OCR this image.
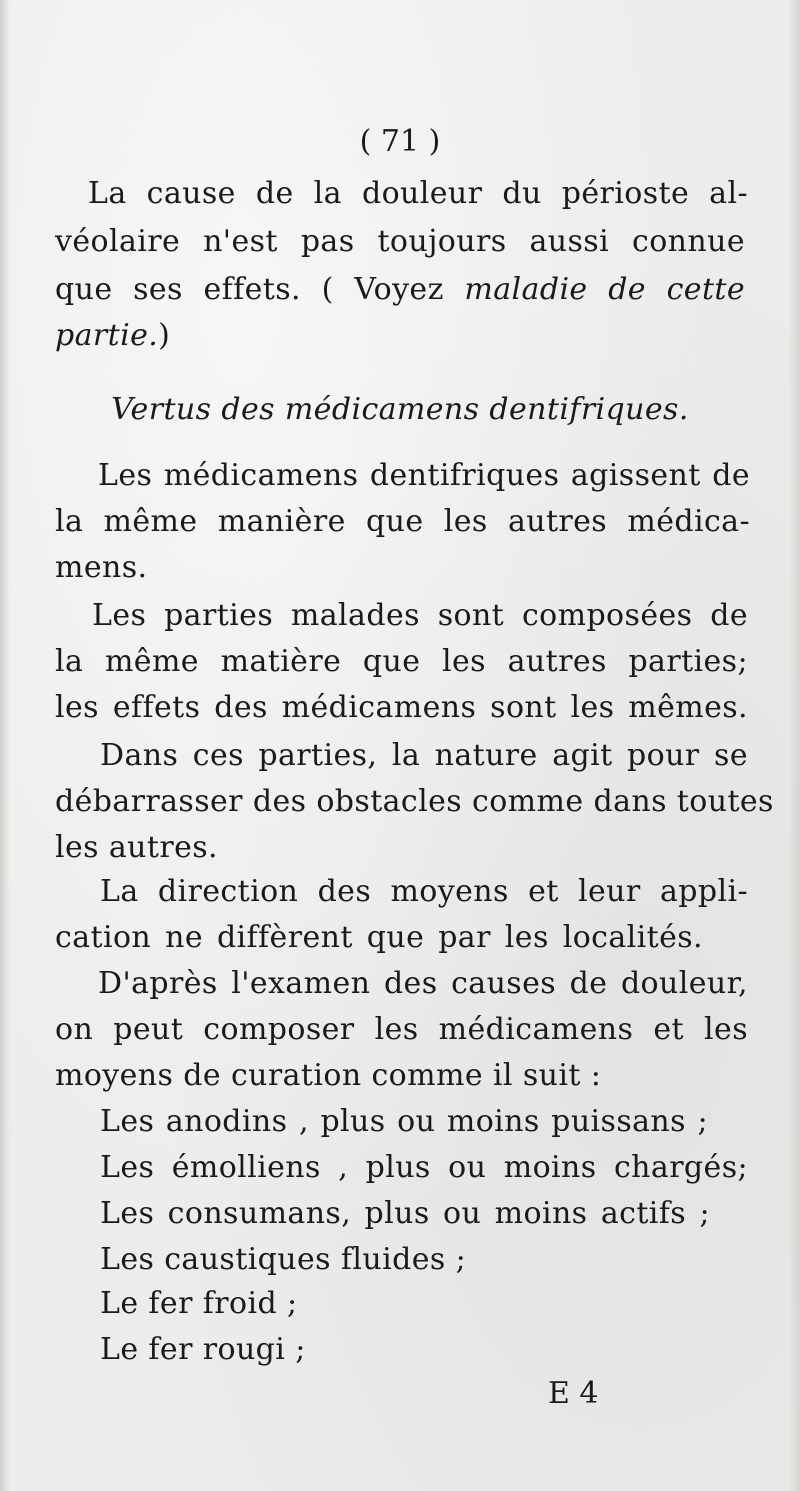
( 71 )

La cause de la douleur du périoste al-

véolaire n'est pas toujours aussi connue

que ses effets. ( Voyez maladie de cette

partie.)

Vertus des médicamens dentifriques.

Les médicamens dentifriques agissent de

la même manière que les autres médica-

mens.

Les parties malades sont composées de

la même matière que les autres parties;

les effets des médicamens sont les mêmes.

Dans ces parties, la nature agit pour se

débarrasser des obstacles comme dans toutes

les autres.

La direction des moyens et leur appli-

cation ne diffèrent que par les localités.

D'après l'examen des causes de douleur,

on peut composer les médicamens et les

moyens de curation comme il suit :

Les anodins , plus ou moins puissans ;

Les émolliens , plus ou moins chargés;

Les consumans, plus ou moins actifs ;

Les caustiques fluides ;

Le fer froid ;

Le fer rougi ;

E 4
